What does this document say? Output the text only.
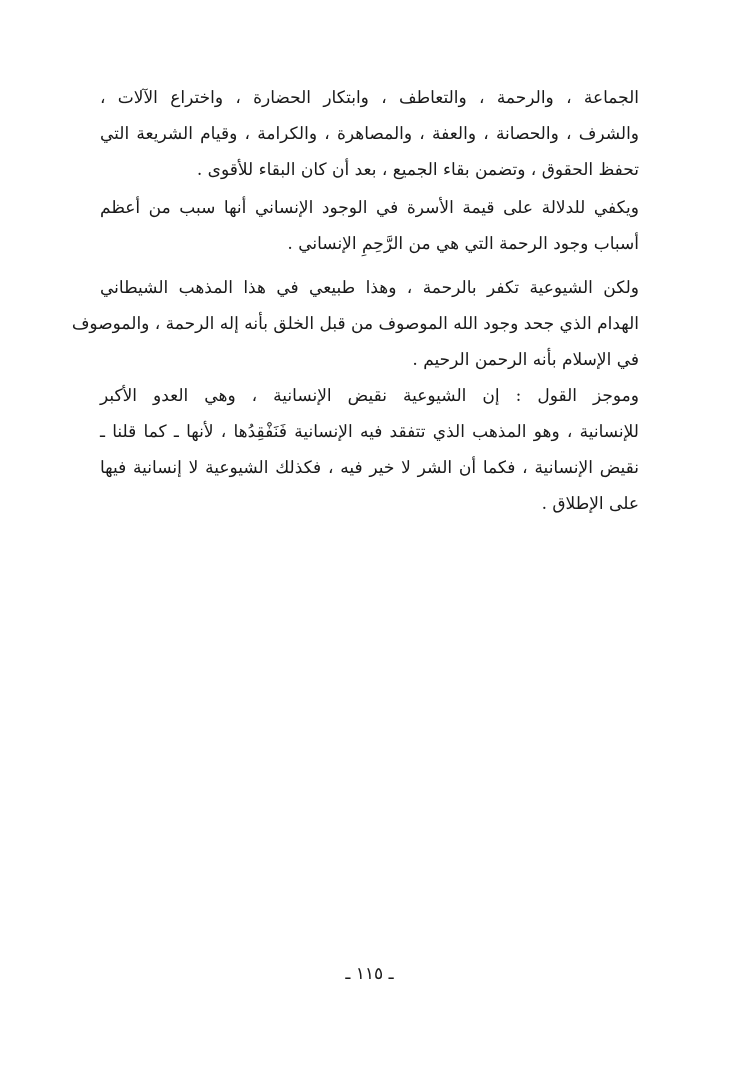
الجماعة ، والرحمة ، والتعاطف ، وابتكار الحضارة ، واختراع الآلات ،
والشرف ، والحصانة ، والعفة ، والمصاهرة ، والكرامة ، وقيام الشريعة التي
تحفظ الحقوق ، وتضمن بقاء الجميع ، بعد أن كان البقاء للأقوى .
ويكفي للدلالة على قيمة الأسرة في الوجود الإنساني أنها سبب من أعظم
أسباب وجود الرحمة التي هي من الرَّحِمِ الإنساني .
ولكن الشيوعية تكفر بالرحمة ، وهذا طبيعي في هذا المذهب الشيطاني
الهدام الذي جحد وجود الله الموصوف من قبل الخلق بأنه إله الرحمة ، والموصوف
في الإسلام بأنه الرحمن الرحيم .
وموجز القول : إن الشيوعية نقيض الإنسانية ، وهي العدو الأكبر
للإنسانية ، وهو المذهب الذي تتفقد فيه الإنسانية فَنَفْقِدُها ، لأنها ـ كما قلنا ـ
نقيض الإنسانية ، فكما أن الشر لا خير فيه ، فكذلك الشيوعية لا إنسانية فيها
على الإطلاق .
ـ ١١٥ ـ
